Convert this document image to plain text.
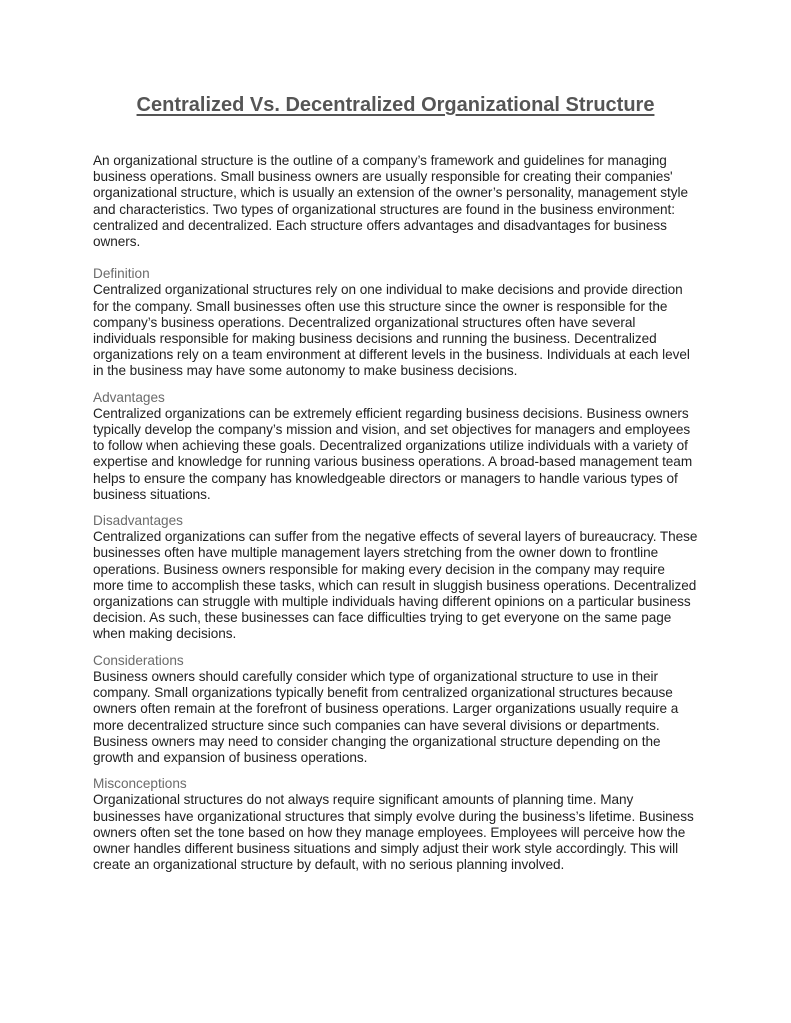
Centralized Vs. Decentralized Organizational Structure

An organizational structure is the outline of a company’s framework and guidelines for managing business operations. Small business owners are usually responsible for creating their companies' organizational structure, which is usually an extension of the owner’s personality, management style and characteristics. Two types of organizational structures are found in the business environment: centralized and decentralized. Each structure offers advantages and disadvantages for business owners.

Definition

Centralized organizational structures rely on one individual to make decisions and provide direction for the company. Small businesses often use this structure since the owner is responsible for the company’s business operations. Decentralized organizational structures often have several individuals responsible for making business decisions and running the business. Decentralized organizations rely on a team environment at different levels in the business. Individuals at each level in the business may have some autonomy to make business decisions.

Advantages

Centralized organizations can be extremely efficient regarding business decisions. Business owners typically develop the company’s mission and vision, and set objectives for managers and employees to follow when achieving these goals. Decentralized organizations utilize individuals with a variety of expertise and knowledge for running various business operations. A broad-based management team helps to ensure the company has knowledgeable directors or managers to handle various types of business situations.

Disadvantages

Centralized organizations can suffer from the negative effects of several layers of bureaucracy. These businesses often have multiple management layers stretching from the owner down to frontline operations. Business owners responsible for making every decision in the company may require more time to accomplish these tasks, which can result in sluggish business operations. Decentralized organizations can struggle with multiple individuals having different opinions on a particular business decision. As such, these businesses can face difficulties trying to get everyone on the same page when making decisions.

Considerations

Business owners should carefully consider which type of organizational structure to use in their company. Small organizations typically benefit from centralized organizational structures because owners often remain at the forefront of business operations. Larger organizations usually require a more decentralized structure since such companies can have several divisions or departments. Business owners may need to consider changing the organizational structure depending on the growth and expansion of business operations.

Misconceptions

Organizational structures do not always require significant amounts of planning time. Many businesses have organizational structures that simply evolve during the business’s lifetime. Business owners often set the tone based on how they manage employees. Employees will perceive how the owner handles different business situations and simply adjust their work style accordingly. This will create an organizational structure by default, with no serious planning involved.
